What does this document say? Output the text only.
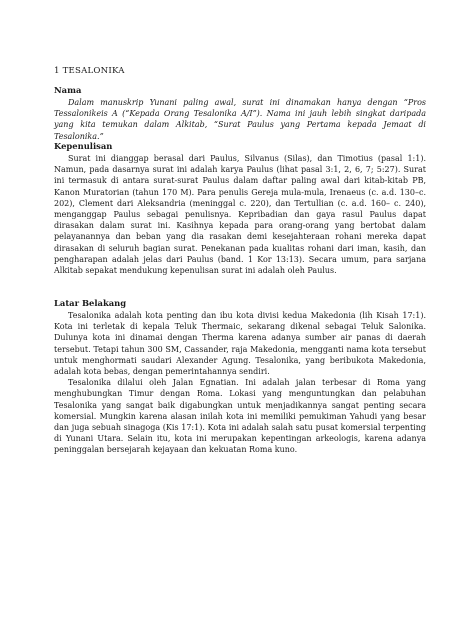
1 TESALONIKA
Nama

Dalam manuskrip Yunani paling awal, surat ini dinamakan hanya dengan “Pros Tessalonikeis A (“Kepada Orang Tesalonika A/I”). Nama ini jauh lebih singkat daripada yang kita temukan dalam Alkitab, “Surat Paulus yang Pertama kepada Jemaat di Tesalonika.”

Kepenulisan

Surat ini dianggap berasal dari Paulus, Silvanus (Silas), dan Timotius (pasal 1:1). Namun, pada dasarnya surat ini adalah karya Paulus (lihat pasal 3:1, 2, 6, 7; 5:27). Surat ini termasuk di antara surat-surat Paulus dalam daftar paling awal dari kitab-kitab PB, Kanon Muratorian (tahun 170 M). Para penulis Gereja mula-mula, Irenaeus (c. a.d. 130–c. 202), Clement dari Aleksandria (meninggal c. 220), dan Tertullian (c. a.d. 160– c. 240), menganggap Paulus sebagai penulisnya. Kepribadian dan gaya rasul Paulus dapat dirasakan dalam surat ini. Kasihnya kepada para orang-orang yang bertobat dalam pelayanannya dan beban yang dia rasakan demi kesejahteraan rohani mereka dapat dirasakan di seluruh bagian surat. Penekanan pada kualitas rohani dari iman, kasih, dan pengharapan adalah jelas dari Paulus (band. 1 Kor 13:13). Secara umum, para sarjana Alkitab sepakat mendukung kepenulisan surat ini adalah oleh Paulus.

Latar Belakang

Tesalonika adalah kota penting dan ibu kota divisi kedua Makedonia (lih Kisah 17:1). Kota ini terletak di kepala Teluk Thermaic, sekarang dikenal sebagai Teluk Salonika. Dulunya kota ini dinamai dengan Therma karena adanya sumber air panas di daerah tersebut. Tetapi tahun 300 SM, Cassander, raja Makedonia, mengganti nama kota tersebut untuk menghormati saudari Alexander Agung. Tesalonika, yang beribukota Makedonia, adalah kota bebas, dengan pemerintahannya sendiri.

Tesalonika dilalui oleh Jalan Egnatian. Ini adalah jalan terbesar di Roma yang menghubungkan Timur dengan Roma. Lokasi yang menguntungkan dan pelabuhan Tesalonika yang sangat baik digabungkan untuk menjadikannya sangat penting secara komersial. Mungkin karena alasan inilah kota ini memiliki pemukiman Yahudi yang besar dan juga sebuah sinagoga (Kis 17:1). Kota ini adalah salah satu pusat komersial terpenting di Yunani Utara. Selain itu, kota ini merupakan kepentingan arkeologis, karena adanya peninggalan bersejarah kejayaan dan kekuatan Roma kuno.
